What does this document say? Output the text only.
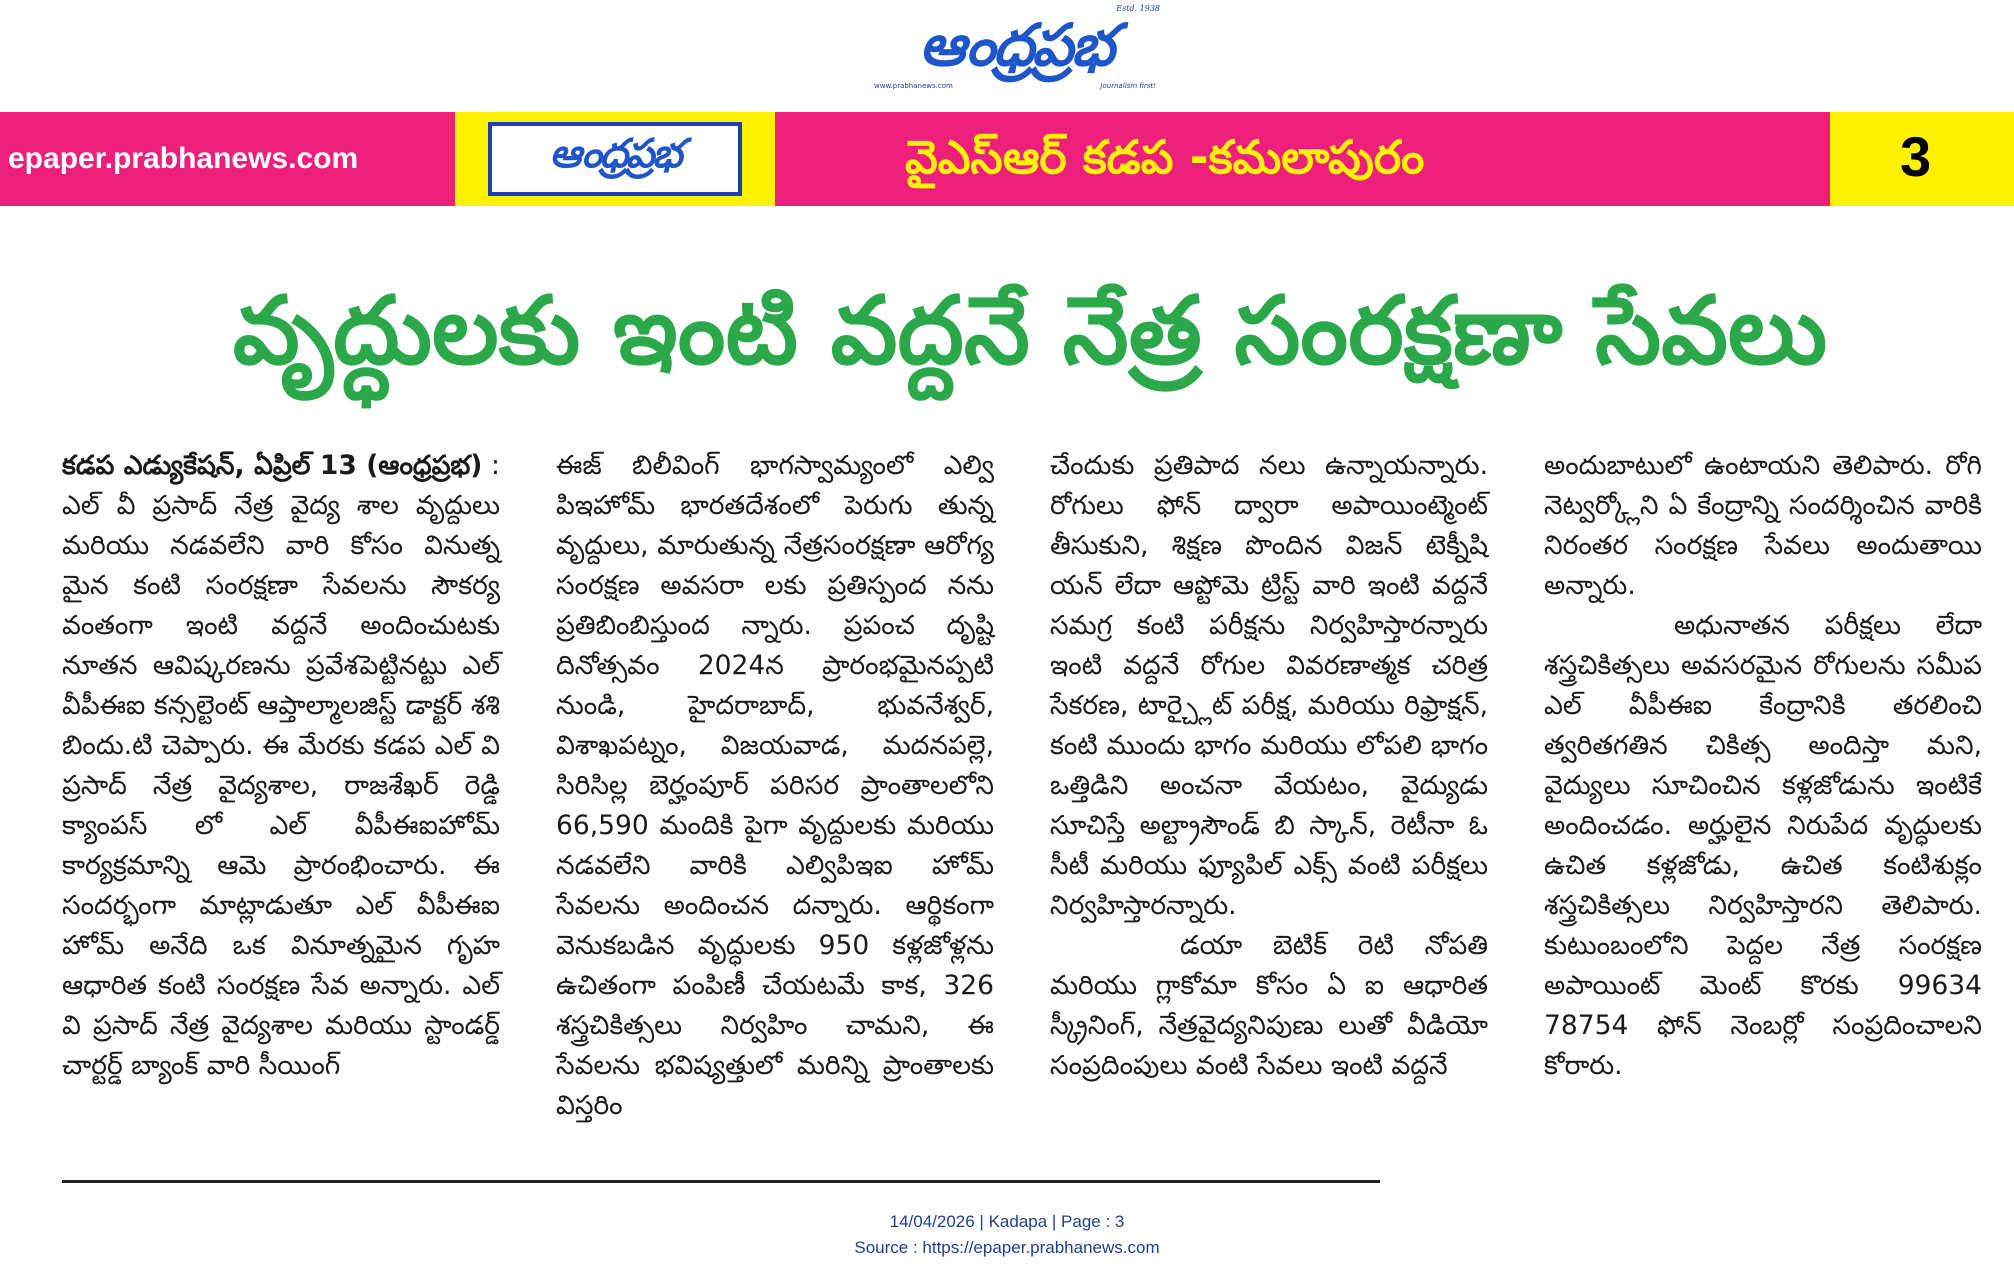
Estd. 1938
ఆంధ్రప్రభ
www.prabhanews.com	Journalism first!
epaper.prabhanews.com	ఆంధ్రప్రభ	వైఎస్ఆర్ కడప -కమలాపురం	3
వృద్ధులకు ఇంటి వద్దనే నేత్ర సంరక్షణా సేవలు

కడప ఎడ్యుకేషన్, ఏప్రిల్ 13 (ఆంధ్రప్రభ) : ఎల్ వీ ప్రసాద్ నేత్ర వైద్య శాల వృద్దులు మరియు నడవలేని వారి కోసం వినుత్న మైన కంటి సంరక్షణా సేవలను సౌకర్య వంతంగా ఇంటి వద్దనే అందించుటకు నూతన ఆవిష్కరణను ప్రవేశపెట్టినట్టు ఎల్ వీపీఈఐ కన్సల్టెంట్ ఆప్తాల్మాలజిస్ట్ డాక్టర్ శశి బిందు.టి చెప్పారు. ఈ మేరకు కడప ఎల్ వి ప్రసాద్ నేత్ర వైద్యశాల, రాజశేఖర్ రెడ్డి క్యాంపస్ లో ఎల్ వీపీఈఐహోమ్ కార్యక్రమాన్ని ఆమె ప్రారంభించారు. ఈ సందర్భంగా మాట్లాడుతూ ఎల్ వీపీఈఐ హోమ్ అనేది ఒక వినూత్నమైన గృహ ఆధారిత కంటి సంరక్షణ సేవ అన్నారు. ఎల్ వి ప్రసాద్ నేత్ర వైద్యశాల మరియు స్టాండర్డ్ చార్టర్డ్ బ్యాంక్ వారి సీయింగ్

ఈజ్ బిలీవింగ్ భాగస్వామ్యంలో ఎల్వి పిఇహోమ్ భారతదేశంలో పెరుగు తున్న వృద్దులు, మారుతున్న నేత్రసంరక్షణా ఆరోగ్య సంరక్షణ అవసరా లకు ప్రతిస్పంద నను ప్రతిబింబిస్తుంద న్నారు. ప్రపంచ దృష్టి దినోత్సవం 2024న ప్రారంభమైనప్పటి నుండి, హైదరాబాద్, భువనేశ్వర్, విశాఖపట్నం, విజయవాడ, మదనపల్లె, సిరిసిల్ల బెర్హంపూర్ పరిసర ప్రాంతాలలోని 66,590 మందికి పైగా వృద్దులకు మరియు నడవలేని వారికి ఎల్విపిఇఐ హోమ్ సేవలను అందించన దన్నారు. ఆర్థికంగా వెనుకబడిన వృద్ధులకు 950 కళ్లజోళ్లను ఉచితంగా పంపిణీ చేయటమే కాక, 326 శస్త్రచికిత్సలు నిర్వహిం చామని, ఈ సేవలను భవిష్యత్తులో మరిన్ని ప్రాంతాలకు విస్తరిం

చేందుకు ప్రతిపాద నలు ఉన్నాయన్నారు. రోగులు ఫోన్ ద్వారా అపాయింట్మెంట్ తీసుకుని, శిక్షణ పొందిన విజన్ టెక్నీషి యన్ లేదా ఆప్టోమె ట్రిస్ట్ వారి ఇంటి వద్దనే సమగ్ర కంటి పరీక్షను నిర్వహిస్తారన్నారు ఇంటి వద్దనే రోగుల వివరణాత్మక చరిత్ర సేకరణ, టార్చ్లైట్ పరీక్ష, మరియు రిఫ్రాక్షన్, కంటి ముందు భాగం మరియు లోపలి భాగం ఒత్తిడిని అంచనా వేయటం, వైద్యుడు సూచిస్తే అల్ట్రాసౌండ్ బి స్కాన్, రెటీనా ఓ సీటీ మరియు ఫ్యూపిల్ ఎక్స్ వంటి పరీక్షలు నిర్వహిస్తారన్నారు.

డయా బెటిక్ రెటి నోపతి మరియు గ్లాకోమా కోసం ఏ ఐ ఆధారిత స్క్రీనింగ్, నేత్రవైద్యనిపుణు లుతో వీడియో సంప్రదింపులు వంటి సేవలు ఇంటి వద్దనే

అందుబాటులో ఉంటాయని తెలిపారు. రోగి నెట్వర్క్లోని ఏ కేంద్రాన్ని సందర్శించిన వారికి నిరంతర సంరక్షణ సేవలు అందుతాయి అన్నారు.

అధునాతన పరీక్షలు లేదా శస్త్రచికిత్సలు అవసరమైన రోగులను సమీప ఎల్ వీపీఈఐ కేంద్రానికి తరలించి త్వరితగతిన చికిత్స అందిస్తా మని, వైద్యులు సూచించిన కళ్లజోడును ఇంటికే అందించడం. అర్హులైన నిరుపేద వృద్ధులకు ఉచిత కళ్లజోడు, ఉచిత కంటిశుక్లం శస్త్రచికిత్సలు నిర్వహిస్తారని తెలిపారు. కుటుంబంలోని పెద్దల నేత్ర సంరక్షణ అపాయింట్ మెంట్ కొరకు 99634 78754 ఫోన్ నెంబర్లో సంప్రదించాలని కోరారు.

14/04/2026 | Kadapa | Page : 3
Source : https://epaper.prabhanews.com
